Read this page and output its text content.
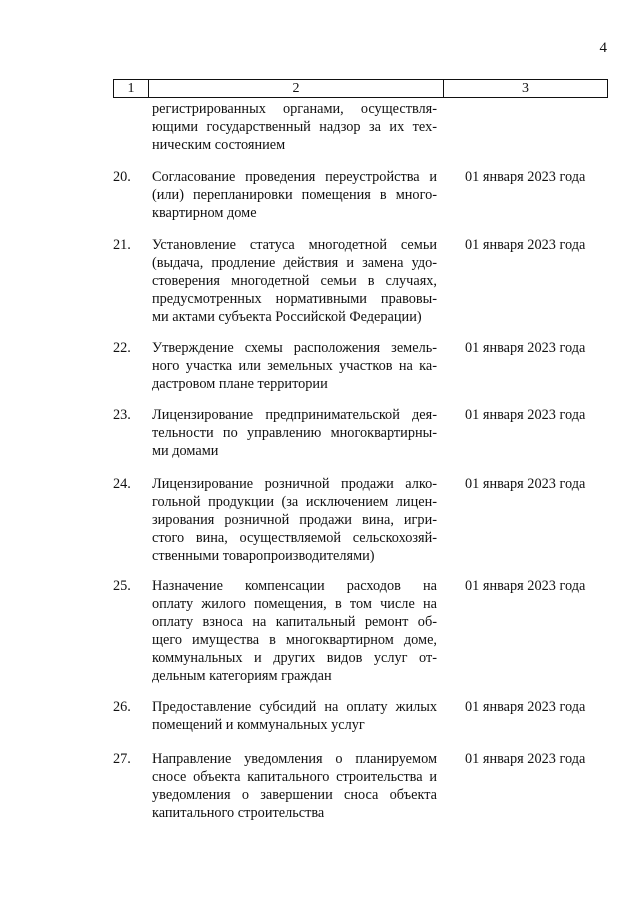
4
1	2	3
регистрированных органами, осуществля-
ющими государственный надзор за их тех-
ническим состоянием
20.	Согласование проведения переустройства и
(или) перепланировки помещения в много-
квартирном доме
01 января 2023 года
21.	Установление статуса многодетной семьи
(выдача, продление действия и замена удо-
стоверения многодетной семьи в случаях,
предусмотренных нормативными правовы-
ми актами субъекта Российской Федерации)
01 января 2023 года
22.	Утверждение схемы расположения земель-
ного участка или земельных участков на ка-
дастровом плане территории
01 января 2023 года
23.	Лицензирование предпринимательской дея-
тельности по управлению многоквартирны-
ми домами
01 января 2023 года
24.	Лицензирование розничной продажи алко-
гольной продукции (за исключением лицен-
зирования розничной продажи вина, игри-
стого вина, осуществляемой сельскохозяй-
ственными товаропроизводителями)
01 января 2023 года
25.	Назначение компенсации расходов на
оплату жилого помещения, в том числе на
оплату взноса на капитальный ремонт об-
щего имущества в многоквартирном доме,
коммунальных и других видов услуг от-
дельным категориям граждан
01 января 2023 года
26.	Предоставление субсидий на оплату жилых
помещений и коммунальных услуг
01 января 2023 года
27.	Направление уведомления о планируемом
сносе объекта капитального строительства и
уведомления о завершении сноса объекта
капитального строительства
01 января 2023 года
